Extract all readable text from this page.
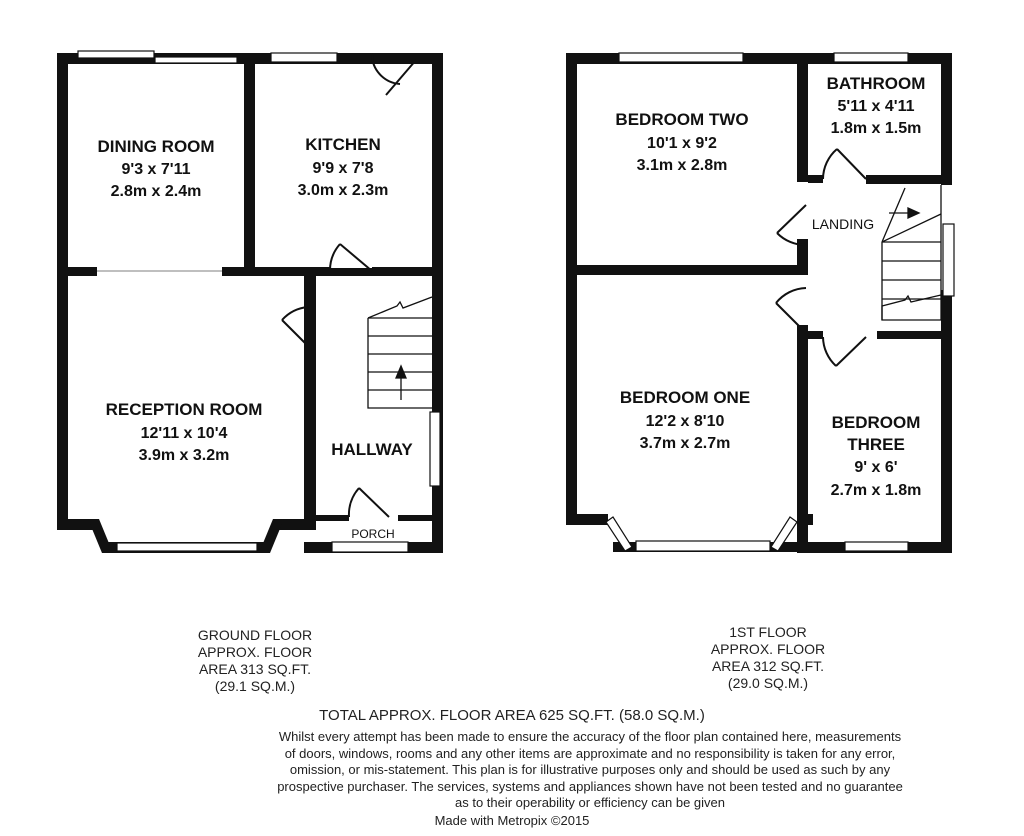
DINING ROOM
9'3 x 7'11
2.8m x 2.4m
KITCHEN
9'9 x 7'8
3.0m x 2.3m
RECEPTION ROOM
12'11 x 10'4
3.9m x 3.2m	HALLWAY
PORCH
BEDROOM TWO
10'1 x 9'2
3.1m x 2.8m
BATHROOM
5'11 x 4'11
1.8m x 1.5m
LANDING
BEDROOM ONE
12'2 x 8'10
3.7m x 2.7m
BEDROOM
THREE
9' x 6'
2.7m x 1.8m
GROUND FLOOR
APPROX. FLOOR
AREA 313 SQ.FT.
(29.1 SQ.M.)
1ST FLOOR
APPROX. FLOOR
AREA 312 SQ.FT.
(29.0 SQ.M.)
TOTAL APPROX. FLOOR AREA 625 SQ.FT. (58.0 SQ.M.)
Whilst every attempt has been made to ensure the accuracy of the floor plan contained here, measurements
of doors, windows, rooms and any other items are approximate and no responsibility is taken for any error,
omission, or mis-statement. This plan is for illustrative purposes only and should be used as such by any
prospective purchaser. The services, systems and appliances shown have not been tested and no guarantee
as to their operability or efficiency can be given
Made with Metropix ©2015
